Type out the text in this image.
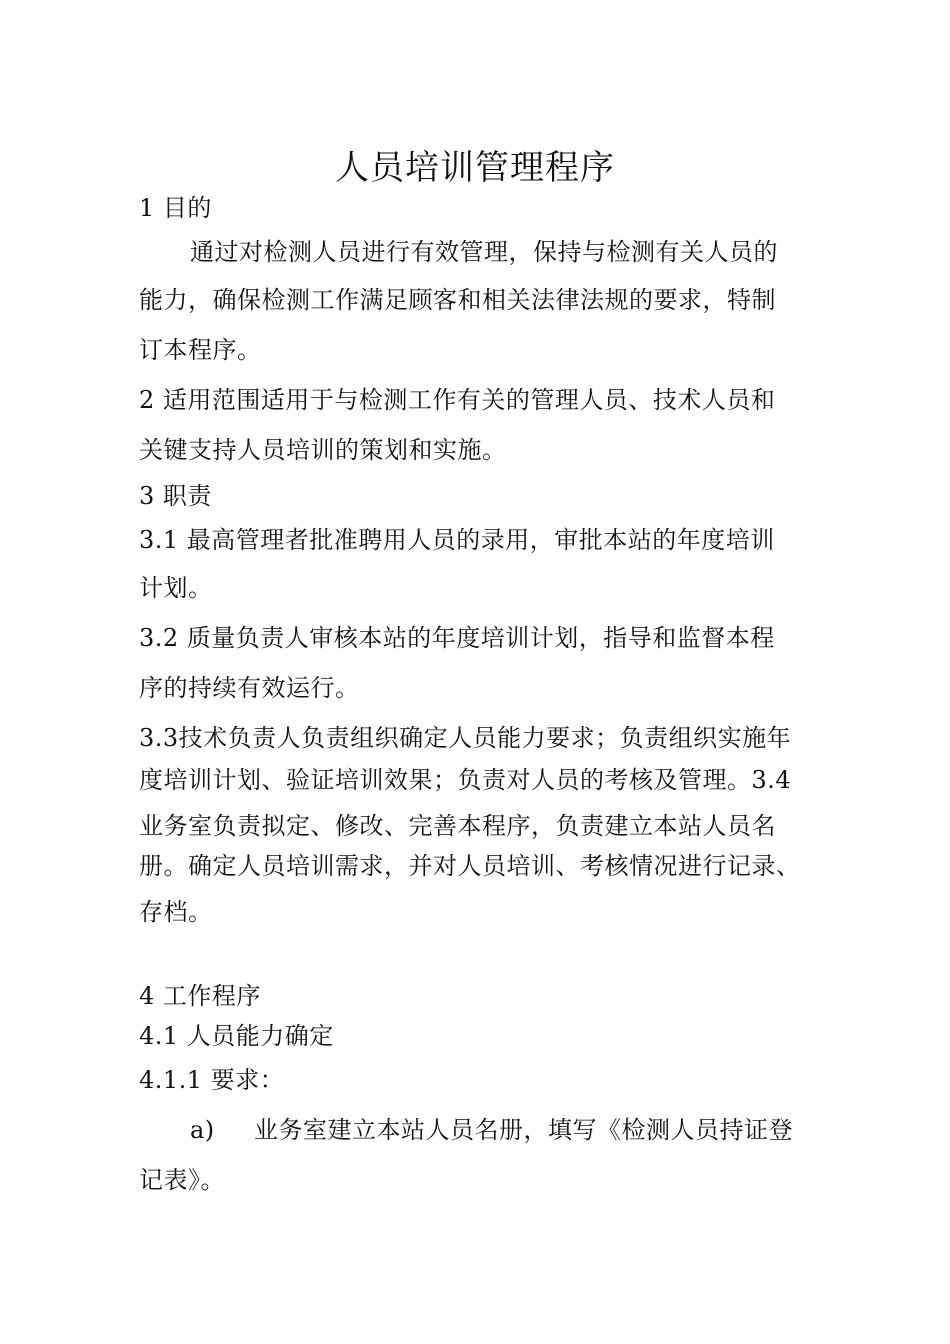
人员培训管理程序
1 目的
通过对检测人员进行有效管理，保持与检测有关人员的
能力，确保检测工作满足顾客和相关法律法规的要求，特制
订本程序。
2 适用范围适用于与检测工作有关的管理人员、技术人员和
关键支持人员培训的策划和实施。
3 职责
3.1 最高管理者批准聘用人员的录用，审批本站的年度培训
计划。
3.2 质量负责人审核本站的年度培训计划，指导和监督本程
序的持续有效运行。
3.3技术负责人负责组织确定人员能力要求；负责组织实施年
度培训计划、验证培训效果；负责对人员的考核及管理。3.4
业务室负责拟定、修改、完善本程序，负责建立本站人员名
册。确定人员培训需求，并对人员培训、考核情况进行记录、
存档。
4 工作程序
4.1 人员能力确定
4.1.1 要求：
a) 业务室建立本站人员名册，填写《检测人员持证登
记表》。
